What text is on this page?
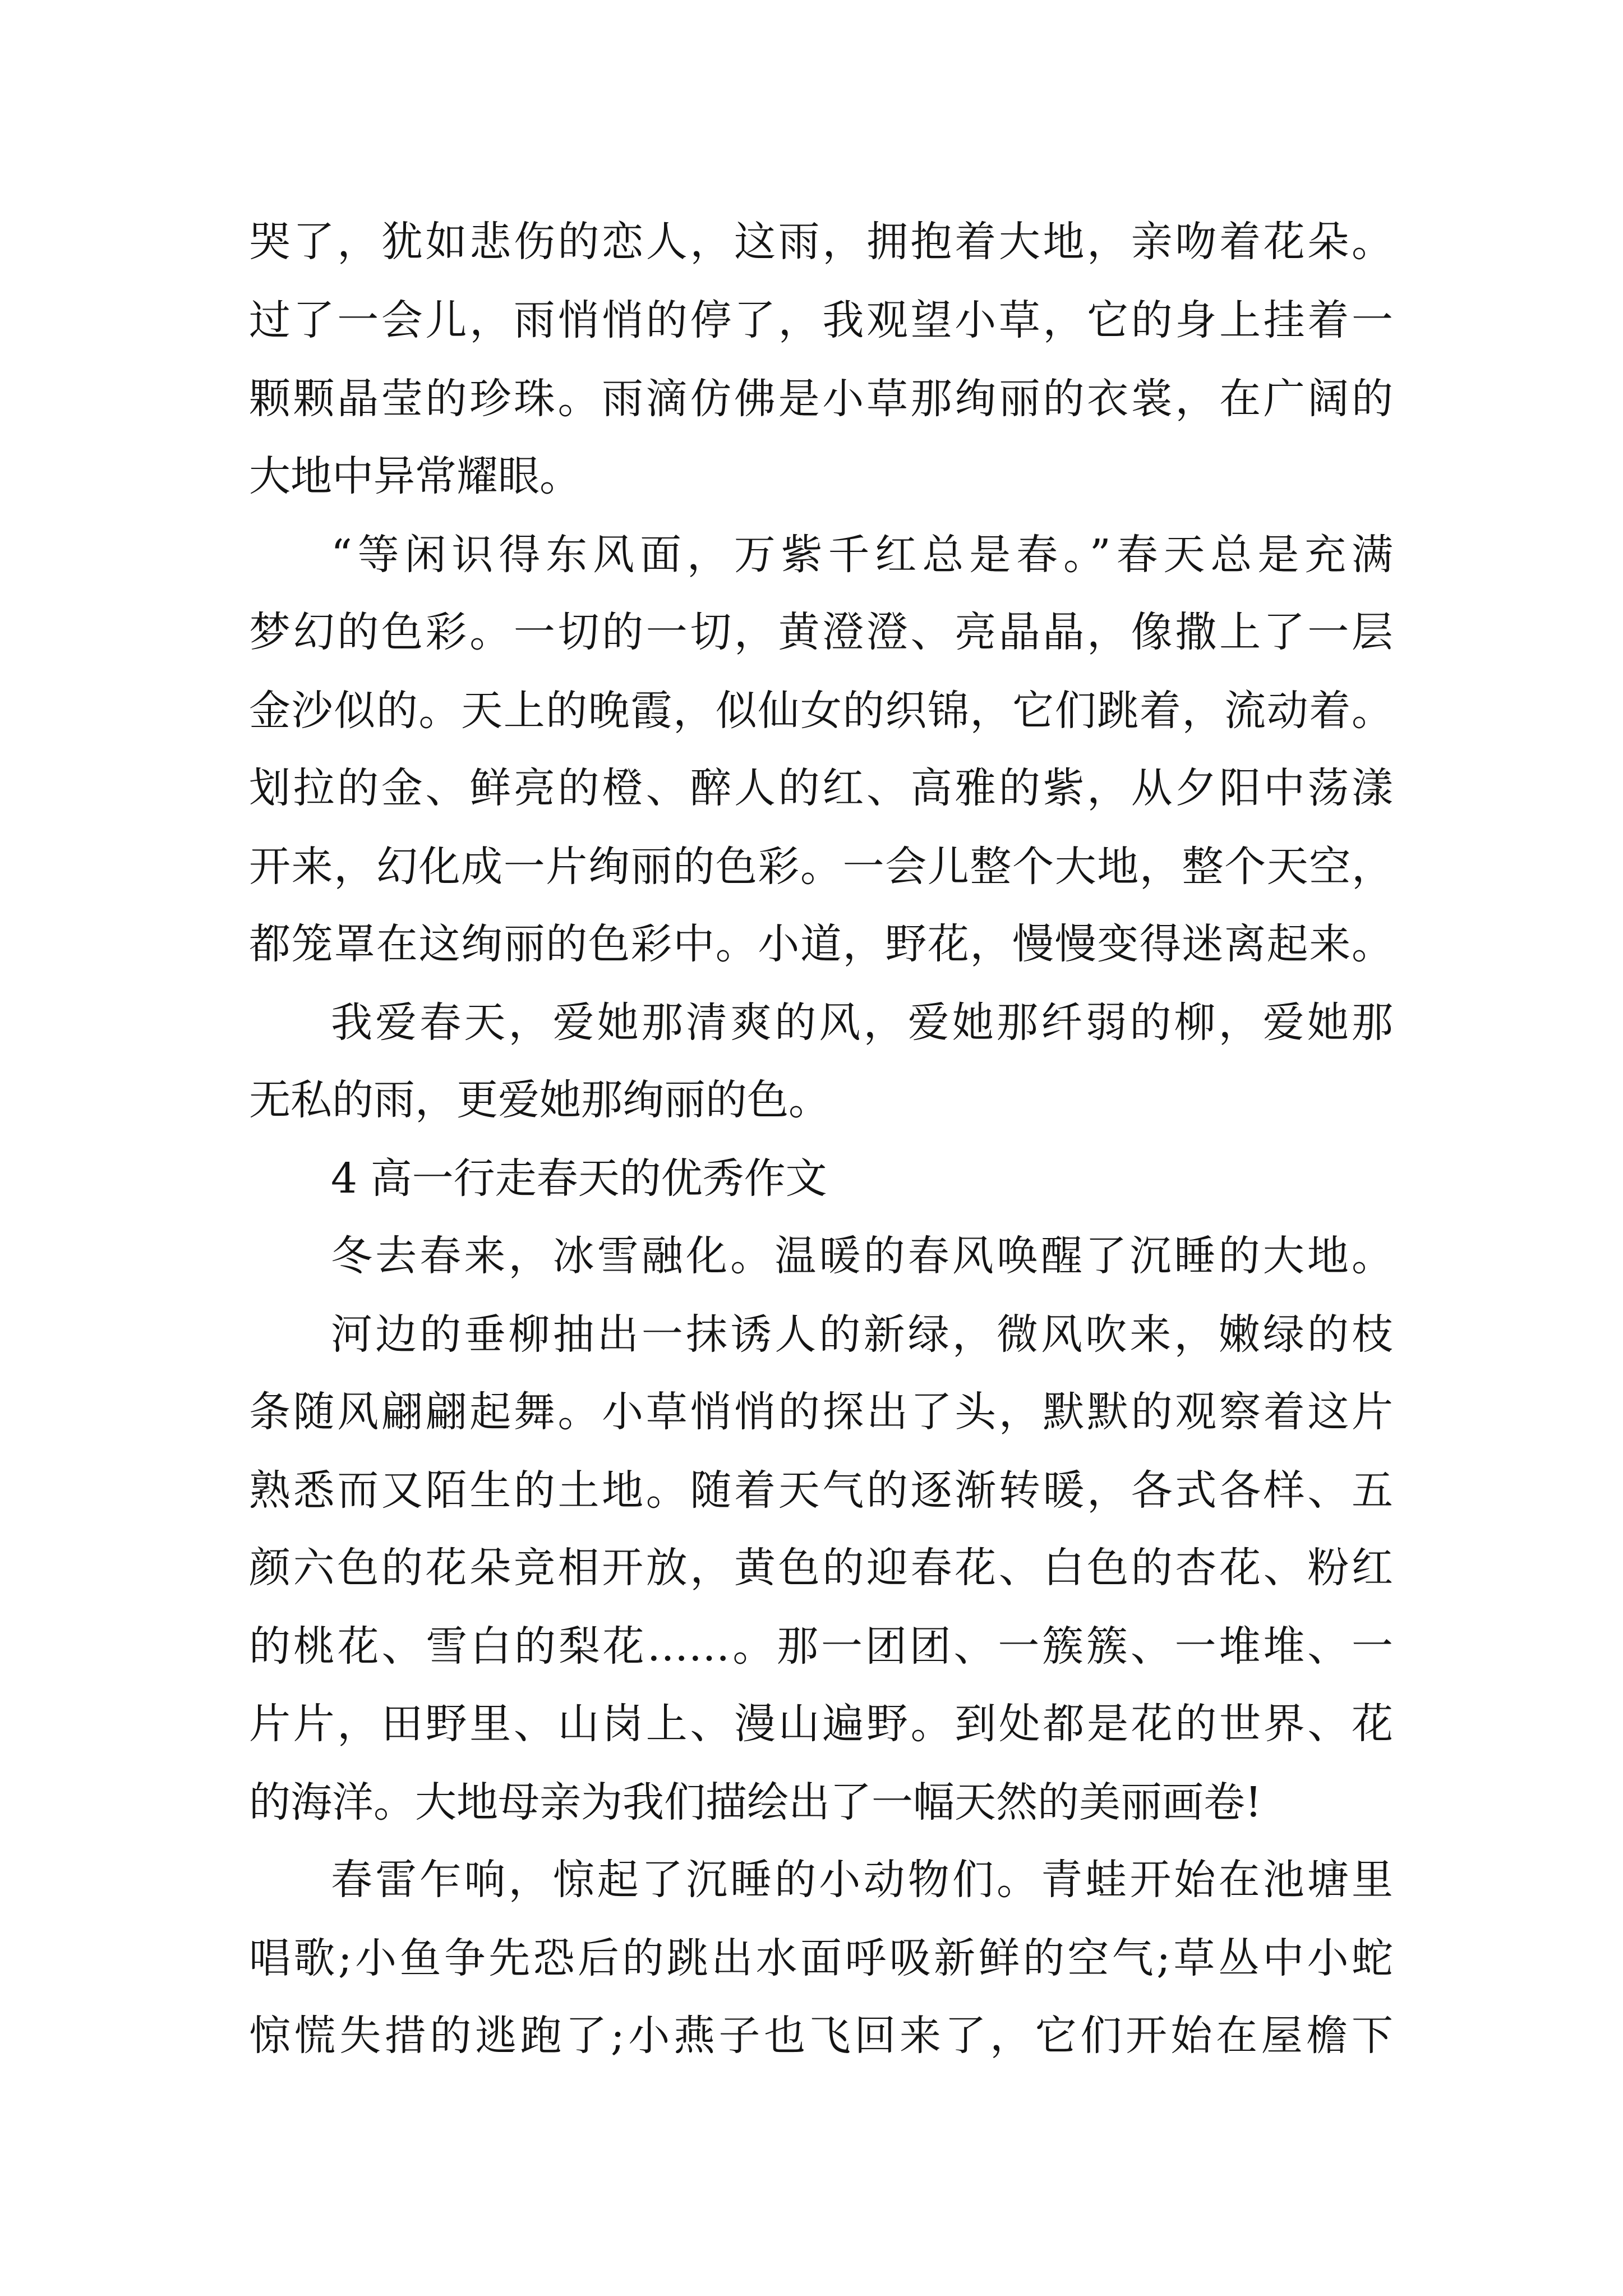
哭了，犹如悲伤的恋人，这雨，拥抱着大地，亲吻着花朵。
过了一会儿，雨悄悄的停了，我观望小草，它的身上挂着一
颗颗晶莹的珍珠。雨滴仿佛是小草那绚丽的衣裳，在广阔的
大地中异常耀眼。
“等闲识得东风面，万紫千红总是春。”春天总是充满
梦幻的色彩。一切的一切，黄澄澄、亮晶晶，像撒上了一层
金沙似的。天上的晚霞，似仙女的织锦，它们跳着，流动着。
划拉的金、鲜亮的橙、醉人的红、高雅的紫，从夕阳中荡漾
开来，幻化成一片绚丽的色彩。一会儿整个大地，整个天空，
都笼罩在这绚丽的色彩中。小道，野花，慢慢变得迷离起来。
我爱春天，爱她那清爽的风，爱她那纤弱的柳，爱她那
无私的雨，更爱她那绚丽的色。
4 高一行走春天的优秀作文
冬去春来，冰雪融化。温暖的春风唤醒了沉睡的大地。
河边的垂柳抽出一抹诱人的新绿，微风吹来，嫩绿的枝
条随风翩翩起舞。小草悄悄的探出了头，默默的观察着这片
熟悉而又陌生的土地。随着天气的逐渐转暖，各式各样、五
颜六色的花朵竞相开放，黄色的迎春花、白色的杏花、粉红
的桃花、雪白的梨花……。那一团团、一簇簇、一堆堆、一
片片，田野里、山岗上、漫山遍野。到处都是花的世界、花
的海洋。大地母亲为我们描绘出了一幅天然的美丽画卷!
春雷乍响，惊起了沉睡的小动物们。青蛙开始在池塘里
唱歌;小鱼争先恐后的跳出水面呼吸新鲜的空气;草丛中小蛇
惊慌失措的逃跑了;小燕子也飞回来了，它们开始在屋檐下
